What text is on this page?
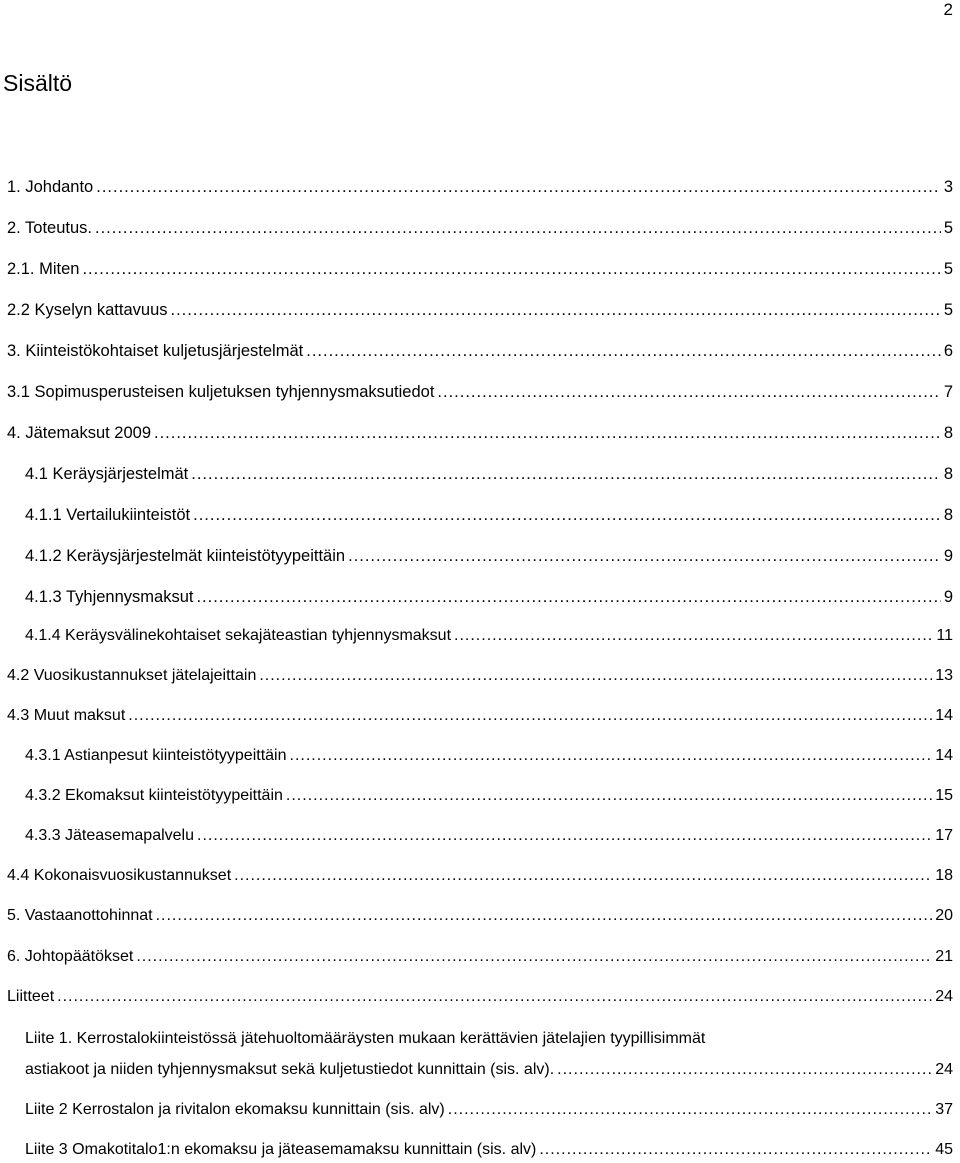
2
Sisältö
1. Johdanto .....	3
2. Toteutus. .....	5
2.1. Miten .....	5
2.2 Kyselyn kattavuus .....	5
3. Kiinteistökohtaiset kuljetusjärjestelmät .....	6
3.1 Sopimusperusteisen kuljetuksen tyhjennysmaksutiedot .....	7
4. Jätemaksut 2009 .....	8
4.1 Keräysjärjestelmät .....	8
4.1.1 Vertailukiinteistöt .....	8
4.1.2 Keräysjärjestelmät kiinteistötyypeittäin .....	9
4.1.3 Tyhjennysmaksut .....	9
4.1.4 Keräysvälinekohtaiset sekajäteastian tyhjennysmaksut .....	11
4.2 Vuosikustannukset jätelajeittain .....	13
4.3 Muut maksut .....	14
4.3.1 Astianpesut kiinteistötyypeittäin .....	14
4.3.2 Ekomaksut kiinteistötyypeittäin .....	15
4.3.3 Jäteasemapalvelu .....	17
4.4 Kokonaisvuosikustannukset .....	18
5. Vastaanottohinnat .....	20
6. Johtopäätökset .....	21
Liitteet .....	24
Liite 1. Kerrostalokiinteistössä jätehuoltomääräysten mukaan kerättävien jätelajien tyypillisimmät
astiakoot ja niiden tyhjennysmaksut sekä kuljetustiedot kunnittain (sis. alv). .....	24
Liite 2 Kerrostalon ja rivitalon ekomaksu kunnittain (sis. alv) .....	37
Liite 3 Omakotitalo1:n ekomaksu ja jäteasemamaksu kunnittain (sis. alv) .....	45
